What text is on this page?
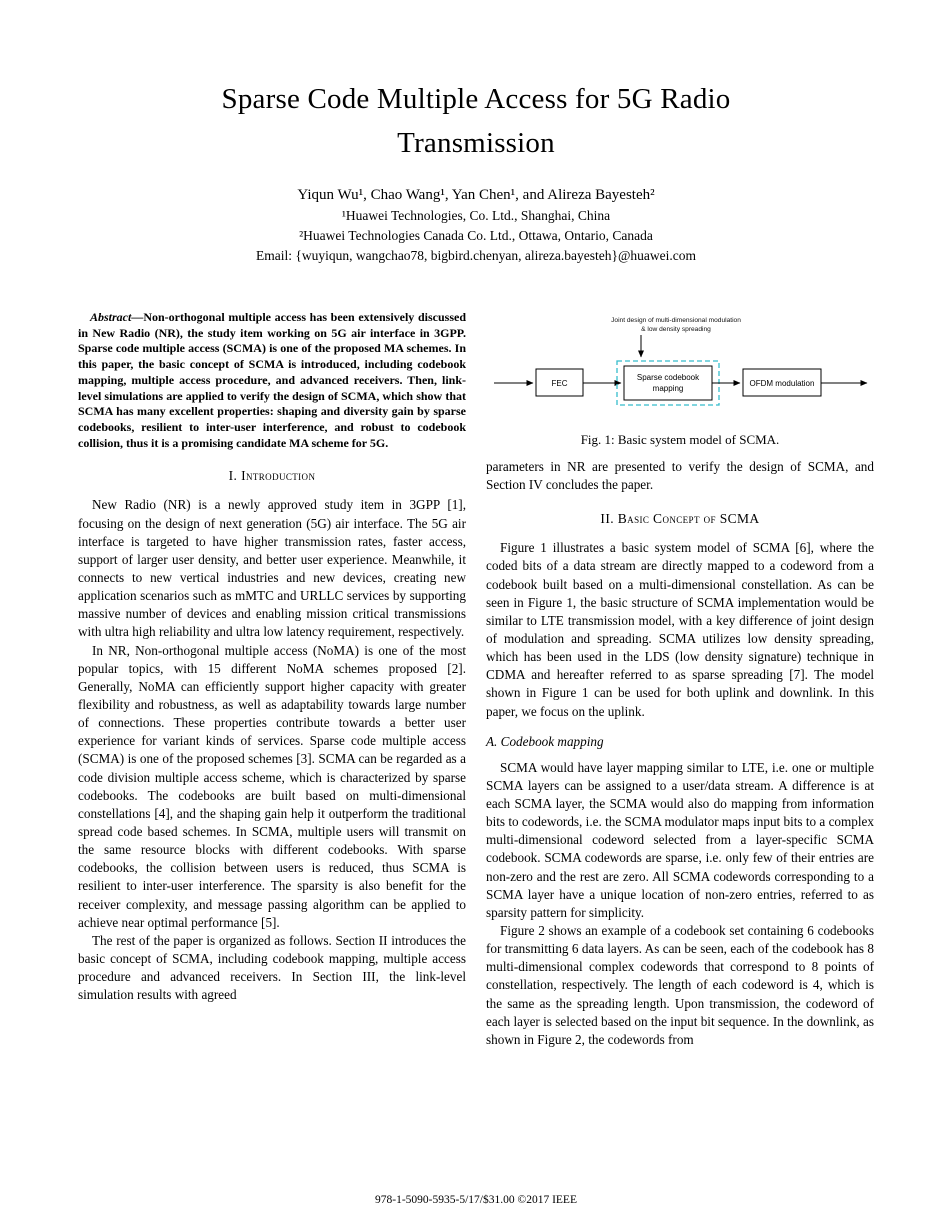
Sparse Code Multiple Access for 5G Radio
Transmission
Yiqun Wu¹, Chao Wang¹, Yan Chen¹, and Alireza Bayesteh²
¹Huawei Technologies, Co. Ltd., Shanghai, China
²Huawei Technologies Canada Co. Ltd., Ottawa, Ontario, Canada
Email: {wuyiqun, wangchao78, bigbird.chenyan, alireza.bayesteh}@huawei.com

Abstract—Non-orthogonal multiple access has been extensively discussed in New Radio (NR), the study item working on 5G air interface in 3GPP. Sparse code multiple access (SCMA) is one of the proposed MA schemes. In this paper, the basic concept of SCMA is introduced, including codebook mapping, multiple access procedure, and advanced receivers. Then, link-level simulations are applied to verify the design of SCMA, which show that SCMA has many excellent properties: shaping and diversity gain by sparse codebooks, resilient to inter-user interference, and robust to codebook collision, thus it is a promising candidate MA scheme for 5G.

I. Introduction

New Radio (NR) is a newly approved study item in 3GPP [1], focusing on the design of next generation (5G) air interface. The 5G air interface is targeted to have higher transmission rates, faster access, support of larger user density, and better user experience. Meanwhile, it connects to new vertical industries and new devices, creating new application scenarios such as mMTC and URLLC services by supporting massive number of devices and enabling mission critical transmissions with ultra high reliability and ultra low latency requirement, respectively.

In NR, Non-orthogonal multiple access (NoMA) is one of the most popular topics, with 15 different NoMA schemes proposed [2]. Generally, NoMA can efficiently support higher capacity with greater flexibility and robustness, as well as adaptability towards large number of connections. These properties contribute towards a better user experience for variant kinds of services. Sparse code multiple access (SCMA) is one of the proposed schemes [3]. SCMA can be regarded as a code division multiple access scheme, which is characterized by sparse codebooks. The codebooks are built based on multi-dimensional constellations [4], and the shaping gain help it outperform the traditional spread code based schemes. In SCMA, multiple users will transmit on the same resource blocks with different codebooks. With sparse codebooks, the collision between users is reduced, thus SCMA is resilient to inter-user interference. The sparsity is also benefit for the receiver complexity, and message passing algorithm can be applied to achieve near optimal performance [5].

The rest of the paper is organized as follows. Section II introduces the basic concept of SCMA, including codebook mapping, multiple access procedure and advanced receivers. In Section III, the link-level simulation results with agreed

Joint design of multi-dimensional modulation
& low density spreading
FEC
Sparse codebook
mapping
OFDM modulation
Fig. 1: Basic system model of SCMA.

parameters in NR are presented to verify the design of SCMA, and Section IV concludes the paper.

II. Basic Concept of SCMA

Figure 1 illustrates a basic system model of SCMA [6], where the coded bits of a data stream are directly mapped to a codeword from a codebook built based on a multi-dimensional constellation. As can be seen in Figure 1, the basic structure of SCMA implementation would be similar to LTE transmission model, with a key difference of joint design of modulation and spreading. SCMA utilizes low density spreading, which has been used in the LDS (low density signature) technique in CDMA and hereafter referred to as sparse spreading [7]. The model shown in Figure 1 can be used for both uplink and downlink. In this paper, we focus on the uplink.

A. Codebook mapping

SCMA would have layer mapping similar to LTE, i.e. one or multiple SCMA layers can be assigned to a user/data stream. A difference is at each SCMA layer, the SCMA would also do mapping from information bits to codewords, i.e. the SCMA modulator maps input bits to a complex multi-dimensional codeword selected from a layer-specific SCMA codebook. SCMA codewords are sparse, i.e. only few of their entries are non-zero and the rest are zero. All SCMA codewords corresponding to a SCMA layer have a unique location of non-zero entries, referred to as sparsity pattern for simplicity.

Figure 2 shows an example of a codebook set containing 6 codebooks for transmitting 6 data layers. As can be seen, each of the codebook has 8 multi-dimensional complex codewords that correspond to 8 points of constellation, respectively. The length of each codeword is 4, which is the same as the spreading length. Upon transmission, the codeword of each layer is selected based on the input bit sequence. In the downlink, as shown in Figure 2, the codewords from

978-1-5090-5935-5/17/$31.00 ©2017 IEEE
